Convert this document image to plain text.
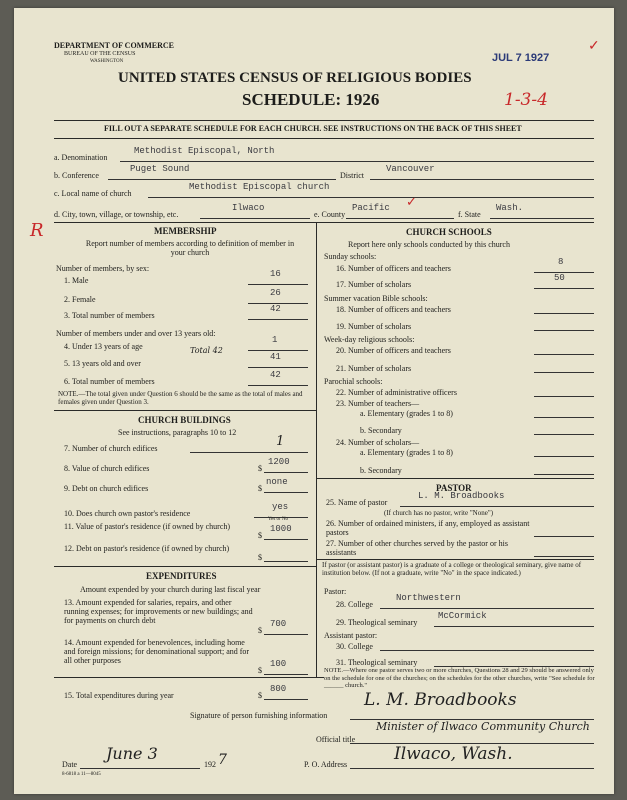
DEPARTMENT OF COMMERCE
BUREAU OF THE CENSUS
WASHINGTON
UNITED STATES CENSUS OF RELIGIOUS BODIES
SCHEDULE: 1926
JUL 7 1927
✓
1-3-4
FILL OUT A SEPARATE SCHEDULE FOR EACH CHURCH. SEE INSTRUCTIONS ON THE BACK OF THIS SHEET
a. Denomination
Methodist Episcopal, North
b. Conference
Puget Sound
District
Vancouver
c. Local name of church
Methodist Episcopal church
d. City, town, village, or township, etc.
Ilwaco
e. County
Pacific ✓
f. State
Wash.
R	MEMBERSHIP
Report number of members according to definition of member in your church
Number of members, by sex:
1. Male
16
2. Female
26
3. Total number of members
42
Number of members under and over 13 years old:
4. Under 13 years of age
1
Total 42
5. 13 years old and over
41
6. Total number of members
42
NOTE.—The total given under Question 6 should be the same as the total of males and females given under Question 3.
CHURCH BUILDINGS
See instructions, paragraphs 10 to 12
7. Number of church edifices	1
8. Value of church edifices	$
1200
9. Debt on church edifices	$
none
10. Does church own pastor's residence
yes
Yes or No
11. Value of pastor's residence (if owned by church)
$
1000
12. Debt on pastor's residence (if owned by church)
$
EXPENDITURES
Amount expended by your church during last fiscal year
13. Amount expended for salaries, repairs, and other running expenses; for improvements or new buildings; and for payments on church debt
$
700
14. Amount expended for benevolences, including home and foreign missions; for denominational support; and for all other purposes
$
100
15. Total expenditures during year	$
800
CHURCH SCHOOLS
Report here only schools conducted by this church
Sunday schools:
16. Number of officers and teachers
8
17. Number of scholars
50
Summer vacation Bible schools:
18. Number of officers and teachers
19. Number of scholars
Week-day religious schools:
20. Number of officers and teachers
21. Number of scholars
Parochial schools:
22. Number of administrative officers
23. Number of teachers—
a. Elementary (grades 1 to 8)
b. Secondary
24. Number of scholars—
a. Elementary (grades 1 to 8)
b. Secondary
PASTOR
25. Name of pastor
L. M. Broadbooks
(If church has no pastor, write "None")
26. Number of ordained ministers, if any, employed as assistant pastors
27. Number of other churches served by the pastor or his assistants
If pastor (or assistant pastor) is a graduate of a college or theological seminary, give name of institution below. (If not a graduate, write "No" in the space indicated.)
Pastor:
28. College
Northwestern
29. Theological seminary
McCormick
Assistant pastor:
30. College
31. Theological seminary
NOTE.—Where one pastor serves two or more churches, Questions 28 and 29 should be answered only on the schedule for one of the churches; on the schedules for the other churches, write "See schedule for ______ church."
Signature of person furnishing information
L. M. Broadbooks
Official title
Minister of Ilwaco Community Church
Date
June 3
192 7	P. O. Address
Ilwaco, Wash.
8-6818 a 11—8045
